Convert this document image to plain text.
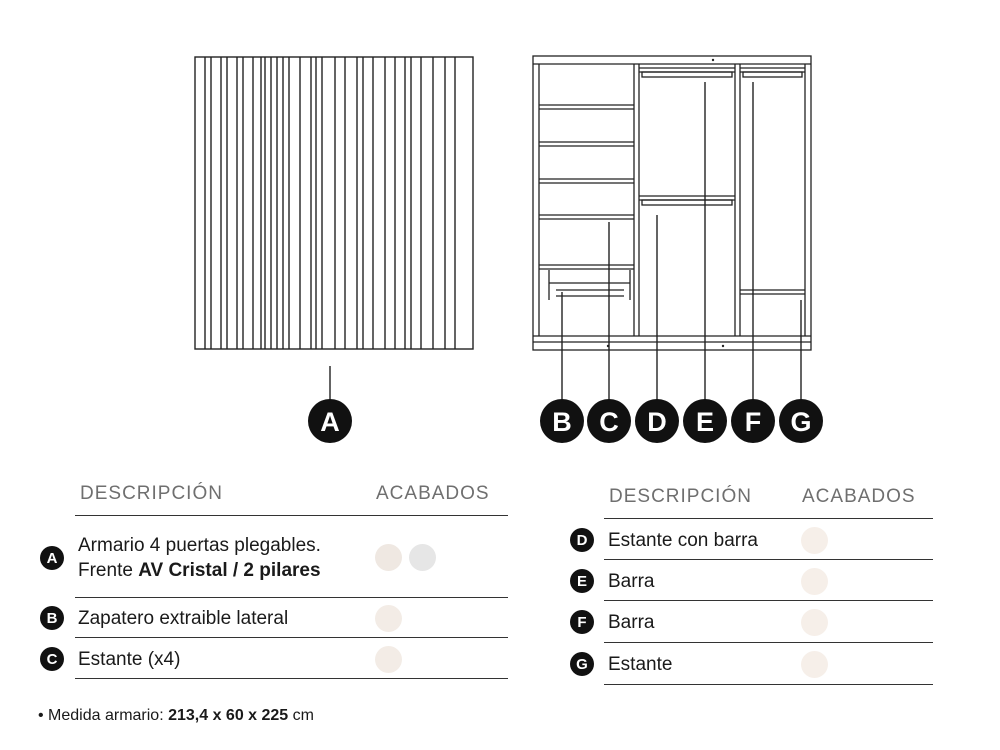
A	B C D E F G
DESCRIPCIÓN	ACABADOS
A
Armario 4 puertas plegables.
Frente AV Cristal / 2 pilares
B	Zapatero extraible lateral
C	Estante (x4)
DESCRIPCIÓN	ACABADOS
D	Estante con barra
E	Barra
F	Barra
G	Estante
• Medida armario: 213,4 x 60 x 225 cm
